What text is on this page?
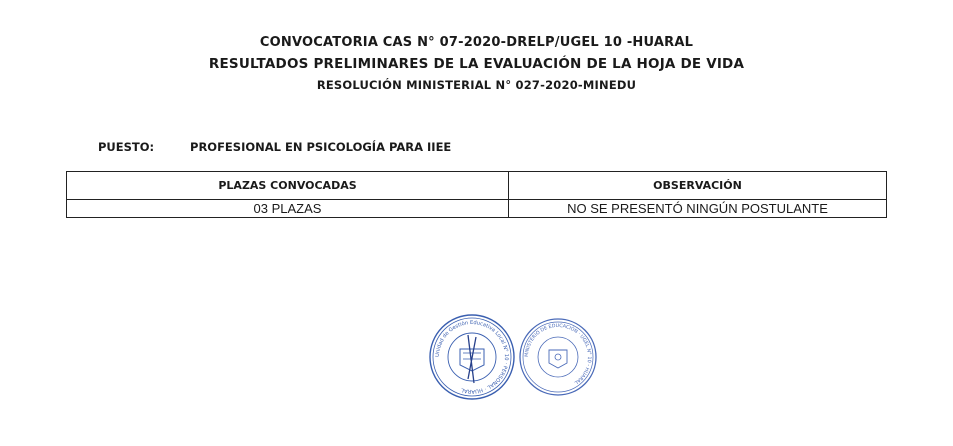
CONVOCATORIA CAS N° 07-2020-DRELP/UGEL 10 -HUARAL
RESULTADOS PRELIMINARES DE LA EVALUACIÓN DE LA HOJA DE VIDA
RESOLUCIÓN MINISTERIAL N° 027-2020-MINEDU
PUESTO:	PROFESIONAL EN PSICOLOGÍA PARA IIEE
PLAZAS CONVOCADAS	OBSERVACIÓN
03 PLAZAS	NO SE PRESENTÓ NINGÚN POSTULANTE
Unidad de Gestión Educativa Local N° 10 · PERSONAL · HUARAL
MINISTERIO DE EDUCACIÓN · UGEL N° 10 - HUARAL
